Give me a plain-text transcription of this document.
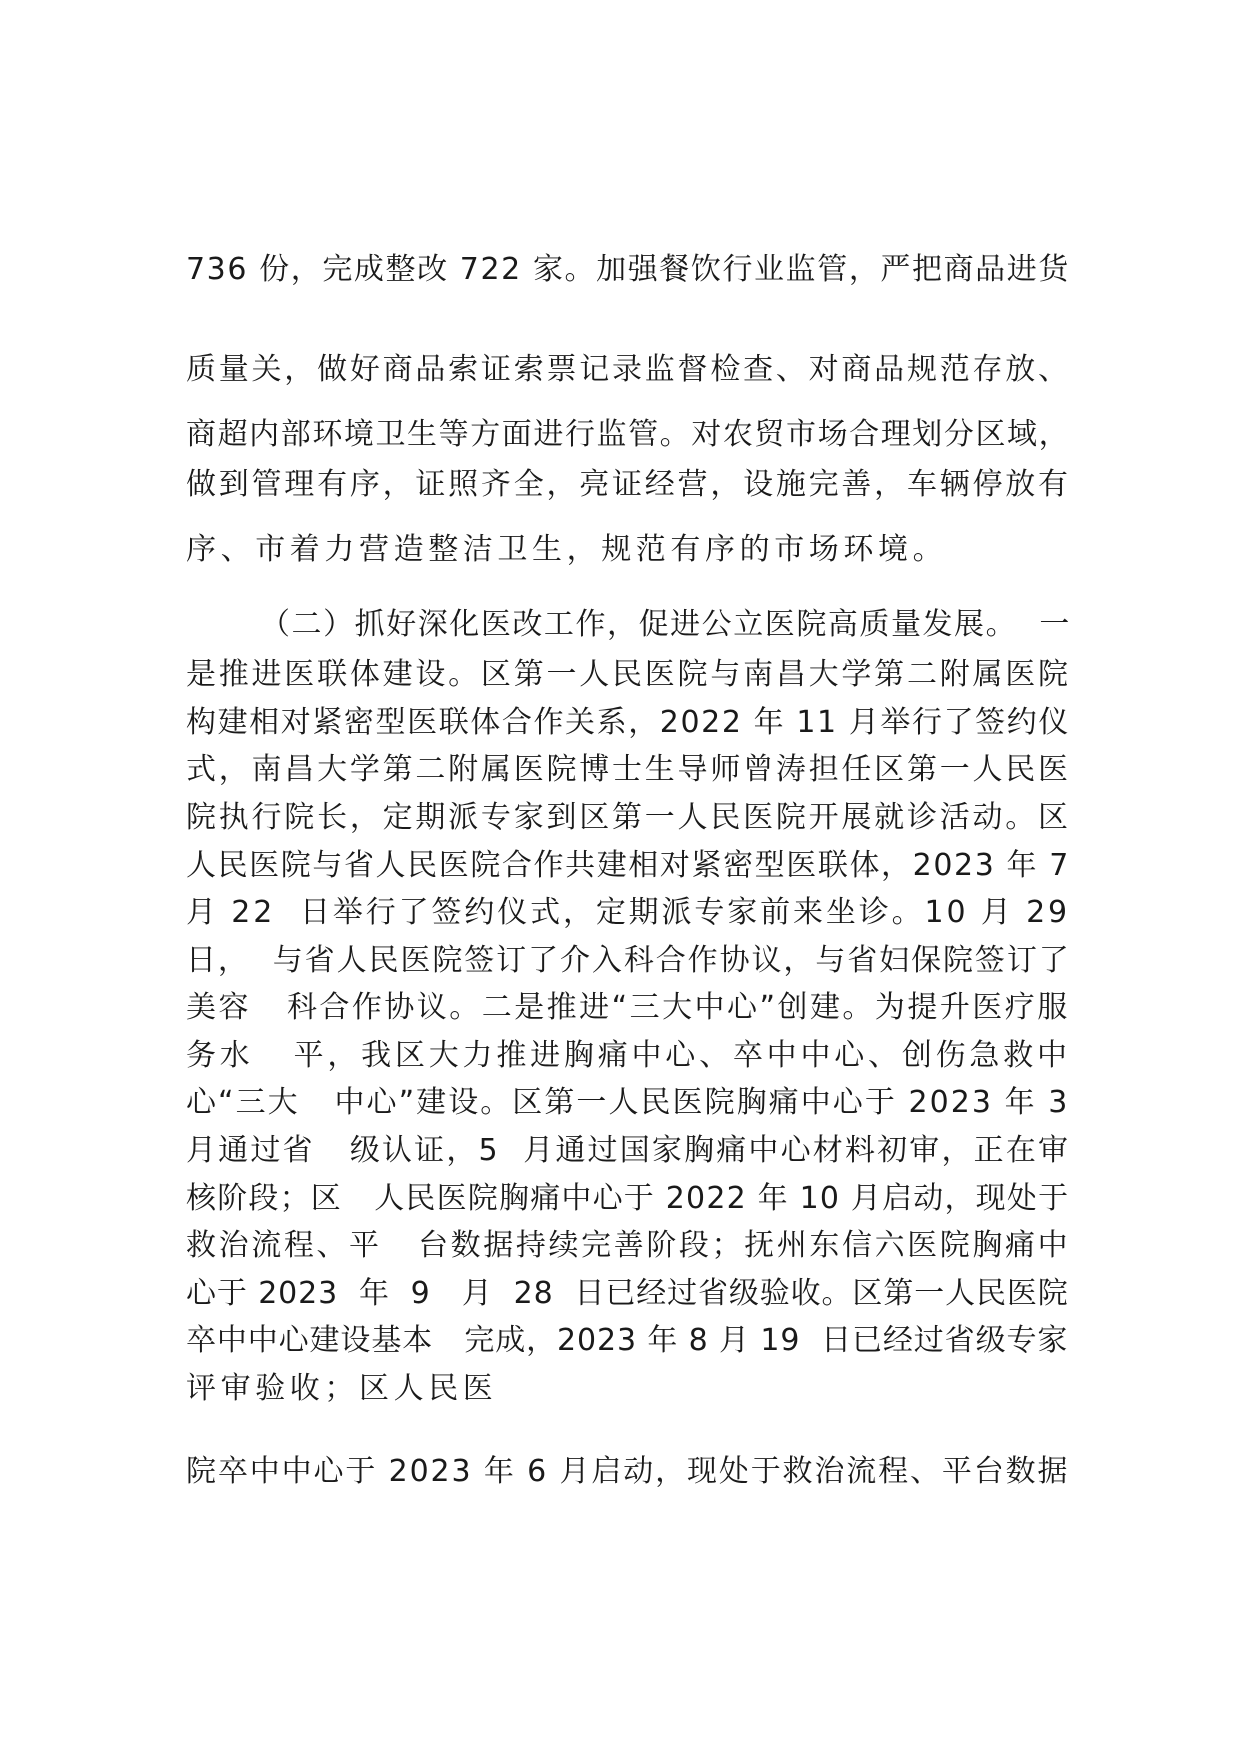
736 份，完成整改 722 家。加强餐饮行业监管，严把商品进货
质量关，做好商品索证索票记录监督检查、对商品规范存放、
商超内部环境卫生等方面进行监管。对农贸市场合理划分区域，
做到管理有序，证照齐全，亮证经营，设施完善，车辆停放有
序、市着力营造整洁卫生，规范有序的市场环境。
（二）抓好深化医改工作，促进公立医院高质量发展。  一
是推进医联体建设。区第一人民医院与南昌大学第二附属医院
构建相对紧密型医联体合作关系，2022 年 11 月举行了签约仪
式，南昌大学第二附属医院博士生导师曾涛担任区第一人民医
院执行院长，定期派专家到区第一人民医院开展就诊活动。区
人民医院与省人民医院合作共建相对紧密型医联体，2023 年 7
月 22  日举行了签约仪式，定期派专家前来坐诊。10 月 29
日，  与省人民医院签订了介入科合作协议，与省妇保院签订了
美容   科合作协议。二是推进“三大中心”创建。为提升医疗服
务水   平，我区大力推进胸痛中心、卒中中心、创伤急救中
心“三大   中心”建设。区第一人民医院胸痛中心于 2023 年 3
月通过省   级认证，5  月通过国家胸痛中心材料初审，正在审
核阶段；区   人民医院胸痛中心于 2022 年 10 月启动，现处于
救治流程、平   台数据持续完善阶段；抚州东信六医院胸痛中
心于 2023  年  9   月  28  日已经过省级验收。区第一人民医院
卒中中心建设基本   完成，2023 年 8 月 19  日已经过省级专家
评审验收；区人民医
院卒中中心于 2023 年 6 月启动，现处于救治流程、平台数据
